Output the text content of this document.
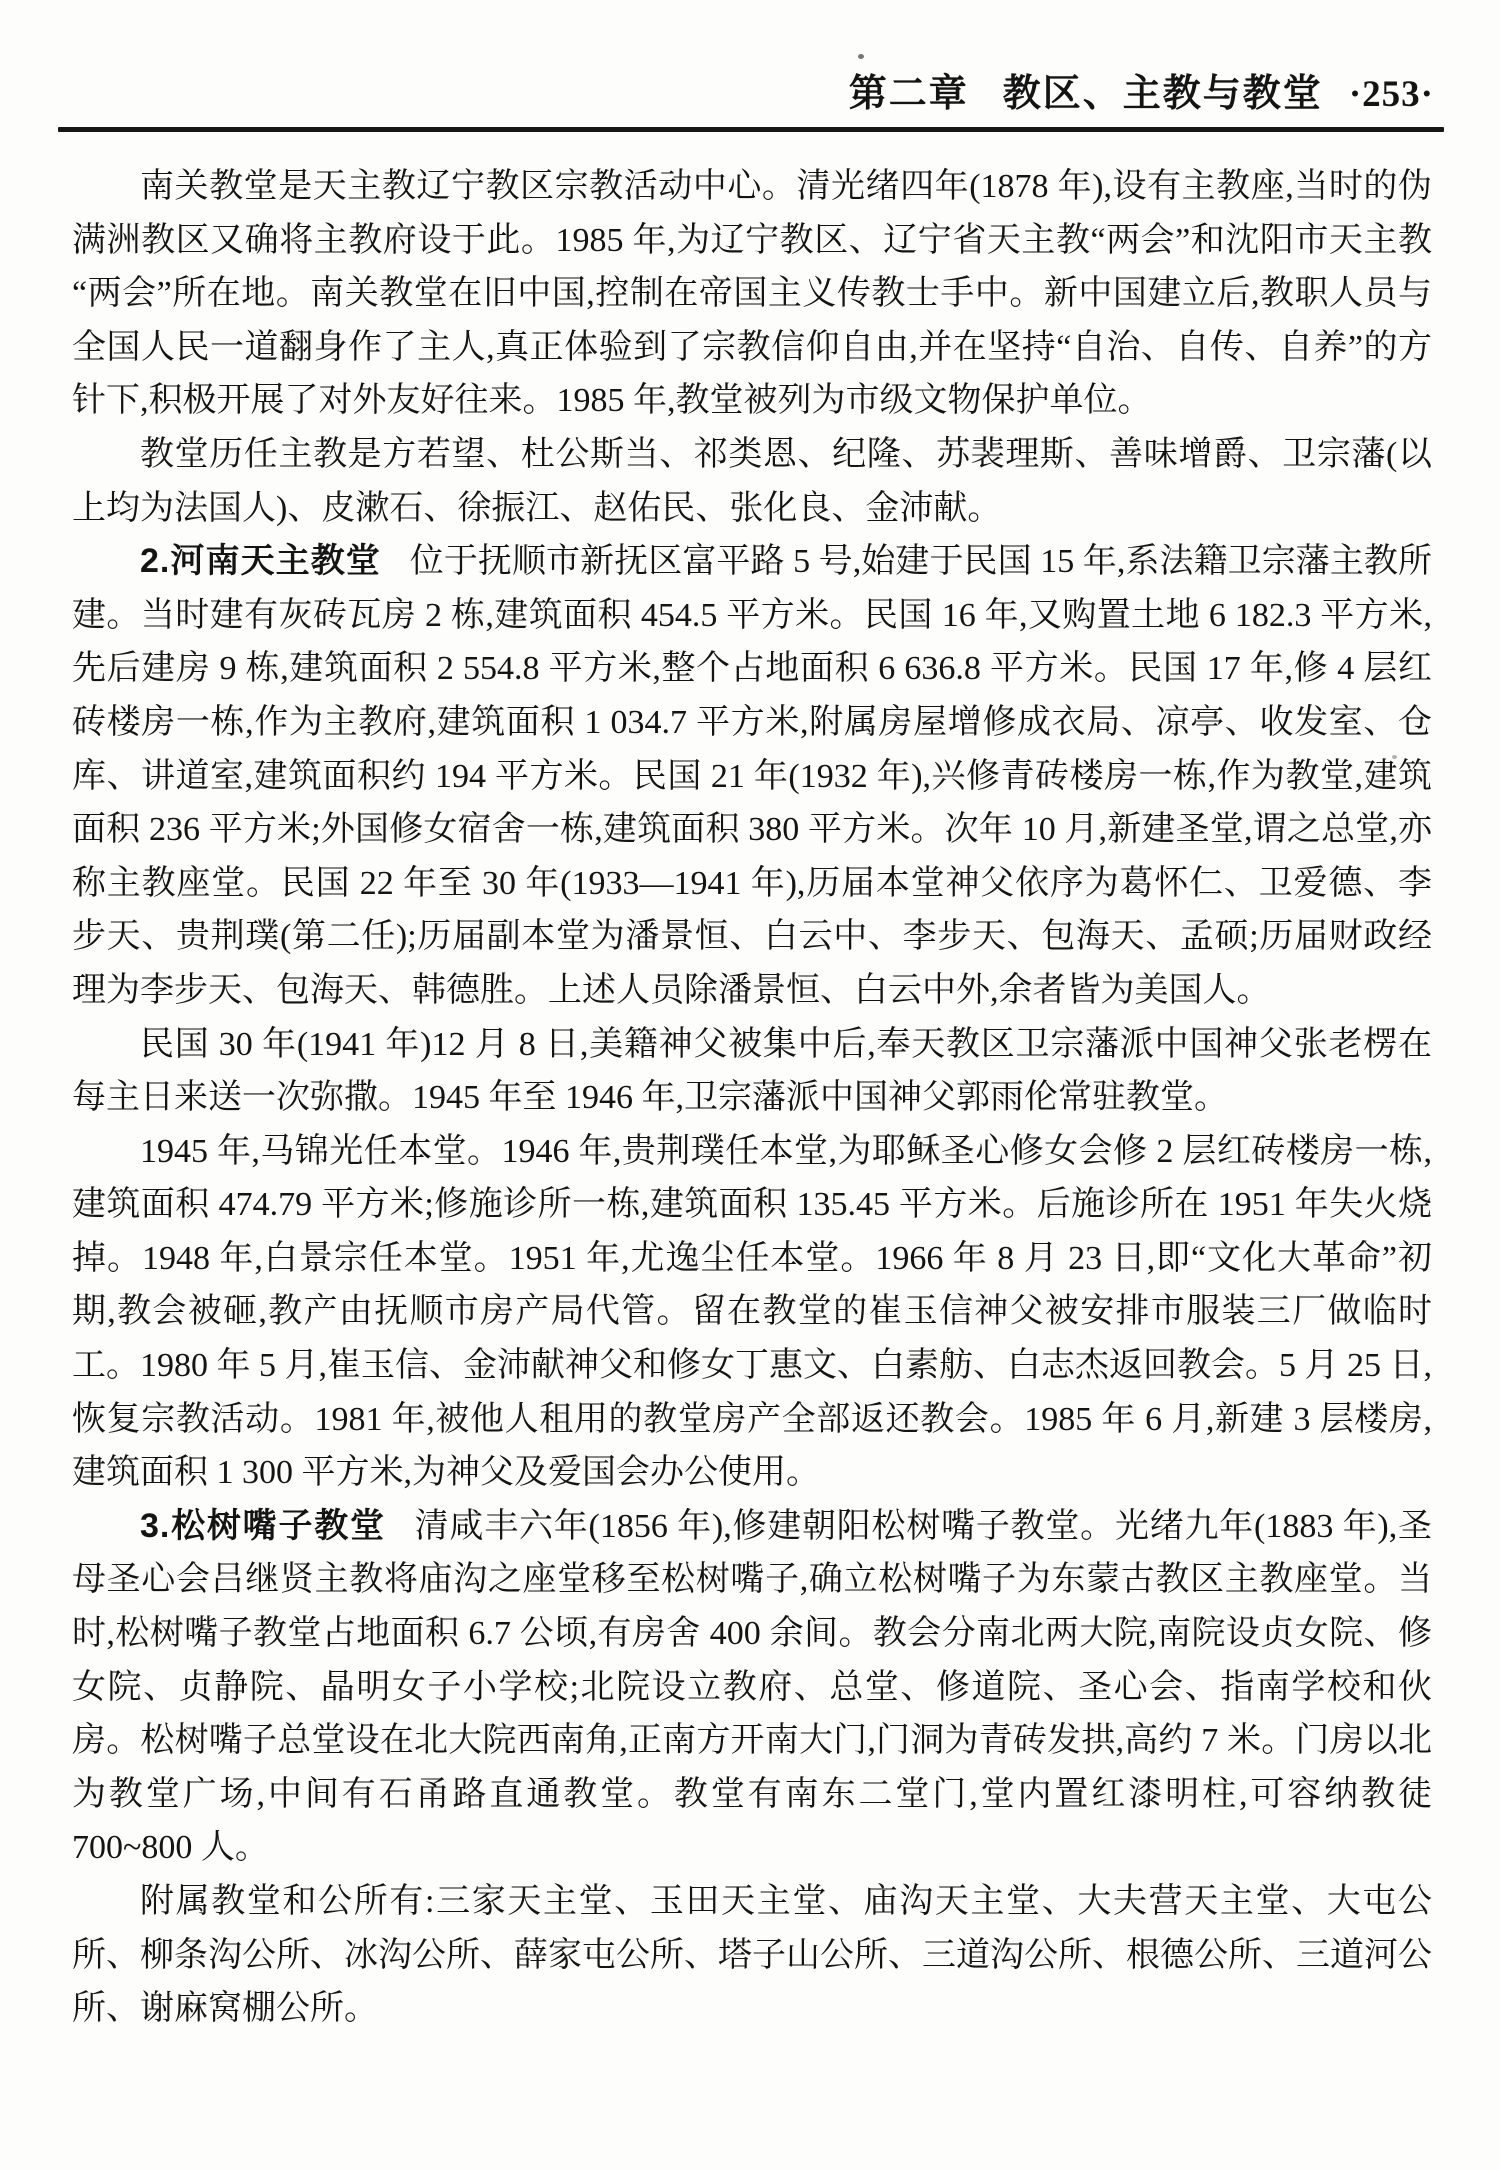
第二章 教区、主教与教堂 ·253·

南关教堂是天主教辽宁教区宗教活动中心。清光绪四年(1878 年),设有主教座,当时的伪满洲教区又确将主教府设于此。1985 年,为辽宁教区、辽宁省天主教“两会”和沈阳市天主教“两会”所在地。南关教堂在旧中国,控制在帝国主义传教士手中。新中国建立后,教职人员与全国人民一道翻身作了主人,真正体验到了宗教信仰自由,并在坚持“自治、自传、自养”的方针下,积极开展了对外友好往来。1985 年,教堂被列为市级文物保护单位。

教堂历任主教是方若望、杜公斯当、祁类恩、纪隆、苏裴理斯、善味增爵、卫宗藩(以上均为法国人)、皮漱石、徐振江、赵佑民、张化良、金沛献。

2.河南天主教堂 位于抚顺市新抚区富平路 5 号,始建于民国 15 年,系法籍卫宗藩主教所建。当时建有灰砖瓦房 2 栋,建筑面积 454.5 平方米。民国 16 年,又购置土地 6 182.3 平方米,先后建房 9 栋,建筑面积 2 554.8 平方米,整个占地面积 6 636.8 平方米。民国 17 年,修 4 层红砖楼房一栋,作为主教府,建筑面积 1 034.7 平方米,附属房屋增修成衣局、凉亭、收发室、仓库、讲道室,建筑面积约 194 平方米。民国 21 年(1932 年),兴修青砖楼房一栋,作为教堂,建筑面积 236 平方米;外国修女宿舍一栋,建筑面积 380 平方米。次年 10 月,新建圣堂,谓之总堂,亦称主教座堂。民国 22 年至 30 年(1933—1941 年),历届本堂神父依序为葛怀仁、卫爱德、李步天、贵荆璞(第二任);历届副本堂为潘景恒、白云中、李步天、包海天、孟硕;历届财政经理为李步天、包海天、韩德胜。上述人员除潘景恒、白云中外,余者皆为美国人。

民国 30 年(1941 年)12 月 8 日,美籍神父被集中后,奉天教区卫宗藩派中国神父张老楞在每主日来送一次弥撒。1945 年至 1946 年,卫宗藩派中国神父郭雨伦常驻教堂。

1945 年,马锦光任本堂。1946 年,贵荆璞任本堂,为耶稣圣心修女会修 2 层红砖楼房一栋,建筑面积 474.79 平方米;修施诊所一栋,建筑面积 135.45 平方米。后施诊所在 1951 年失火烧掉。1948 年,白景宗任本堂。1951 年,尤逸尘任本堂。1966 年 8 月 23 日,即“文化大革命”初期,教会被砸,教产由抚顺市房产局代管。留在教堂的崔玉信神父被安排市服装三厂做临时工。1980 年 5 月,崔玉信、金沛献神父和修女丁惠文、白素舫、白志杰返回教会。5 月 25 日,恢复宗教活动。1981 年,被他人租用的教堂房产全部返还教会。1985 年 6 月,新建 3 层楼房,建筑面积 1 300 平方米,为神父及爱国会办公使用。

3.松树嘴子教堂 清咸丰六年(1856 年),修建朝阳松树嘴子教堂。光绪九年(1883 年),圣母圣心会吕继贤主教将庙沟之座堂移至松树嘴子,确立松树嘴子为东蒙古教区主教座堂。当时,松树嘴子教堂占地面积 6.7 公顷,有房舍 400 余间。教会分南北两大院,南院设贞女院、修女院、贞静院、晶明女子小学校;北院设立教府、总堂、修道院、圣心会、指南学校和伙房。松树嘴子总堂设在北大院西南角,正南方开南大门,门洞为青砖发拱,高约 7 米。门房以北为教堂广场,中间有石甬路直通教堂。教堂有南东二堂门,堂内置红漆明柱,可容纳教徒 700~800 人。

附属教堂和公所有:三家天主堂、玉田天主堂、庙沟天主堂、大夫营天主堂、大屯公所、柳条沟公所、冰沟公所、薛家屯公所、塔子山公所、三道沟公所、根德公所、三道河公所、谢麻窝棚公所。
